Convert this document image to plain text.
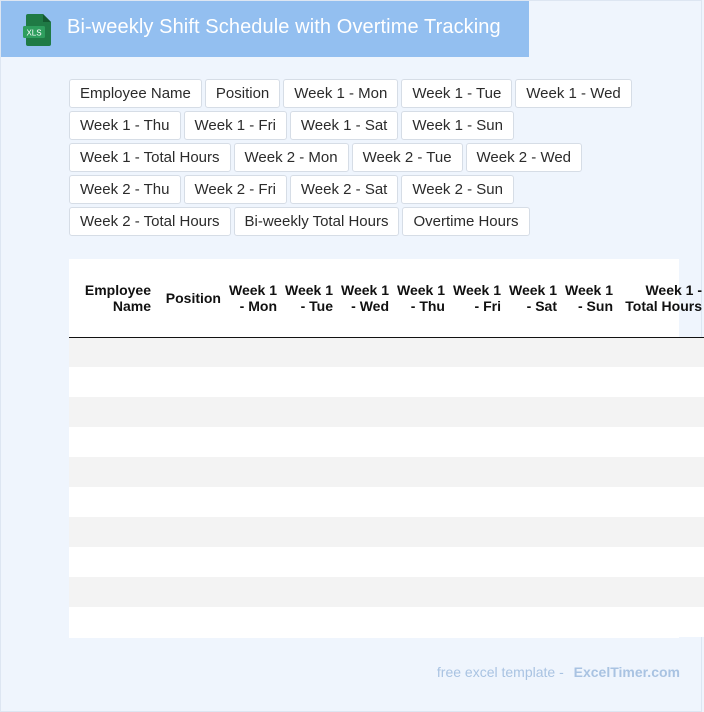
XLS Bi-weekly Shift Schedule with Overtime Tracking
Employee Name	Position	Week 1 - Mon	Week 1 - Tue	Week 1 - Wed
Week 1 - Thu	Week 1 - Fri	Week 1 - Sat	Week 1 - Sun
Week 1 - Total Hours	Week 2 - Mon	Week 2 - Tue	Week 2 - Wed
Week 2 - Thu	Week 2 - Fri	Week 2 - Sat	Week 2 - Sun
Week 2 - Total Hours	Bi-weekly Total Hours	Overtime Hours
Employee Name	Position	Week 1 - Mon	Week 1 - Tue	Week 1 - Wed	Week 1 - Thu	Week 1 - Fri	Week 1 - Sat	Week 1 - Sun	Week 1 - Total Hours

free excel template - ExcelTimer.com
